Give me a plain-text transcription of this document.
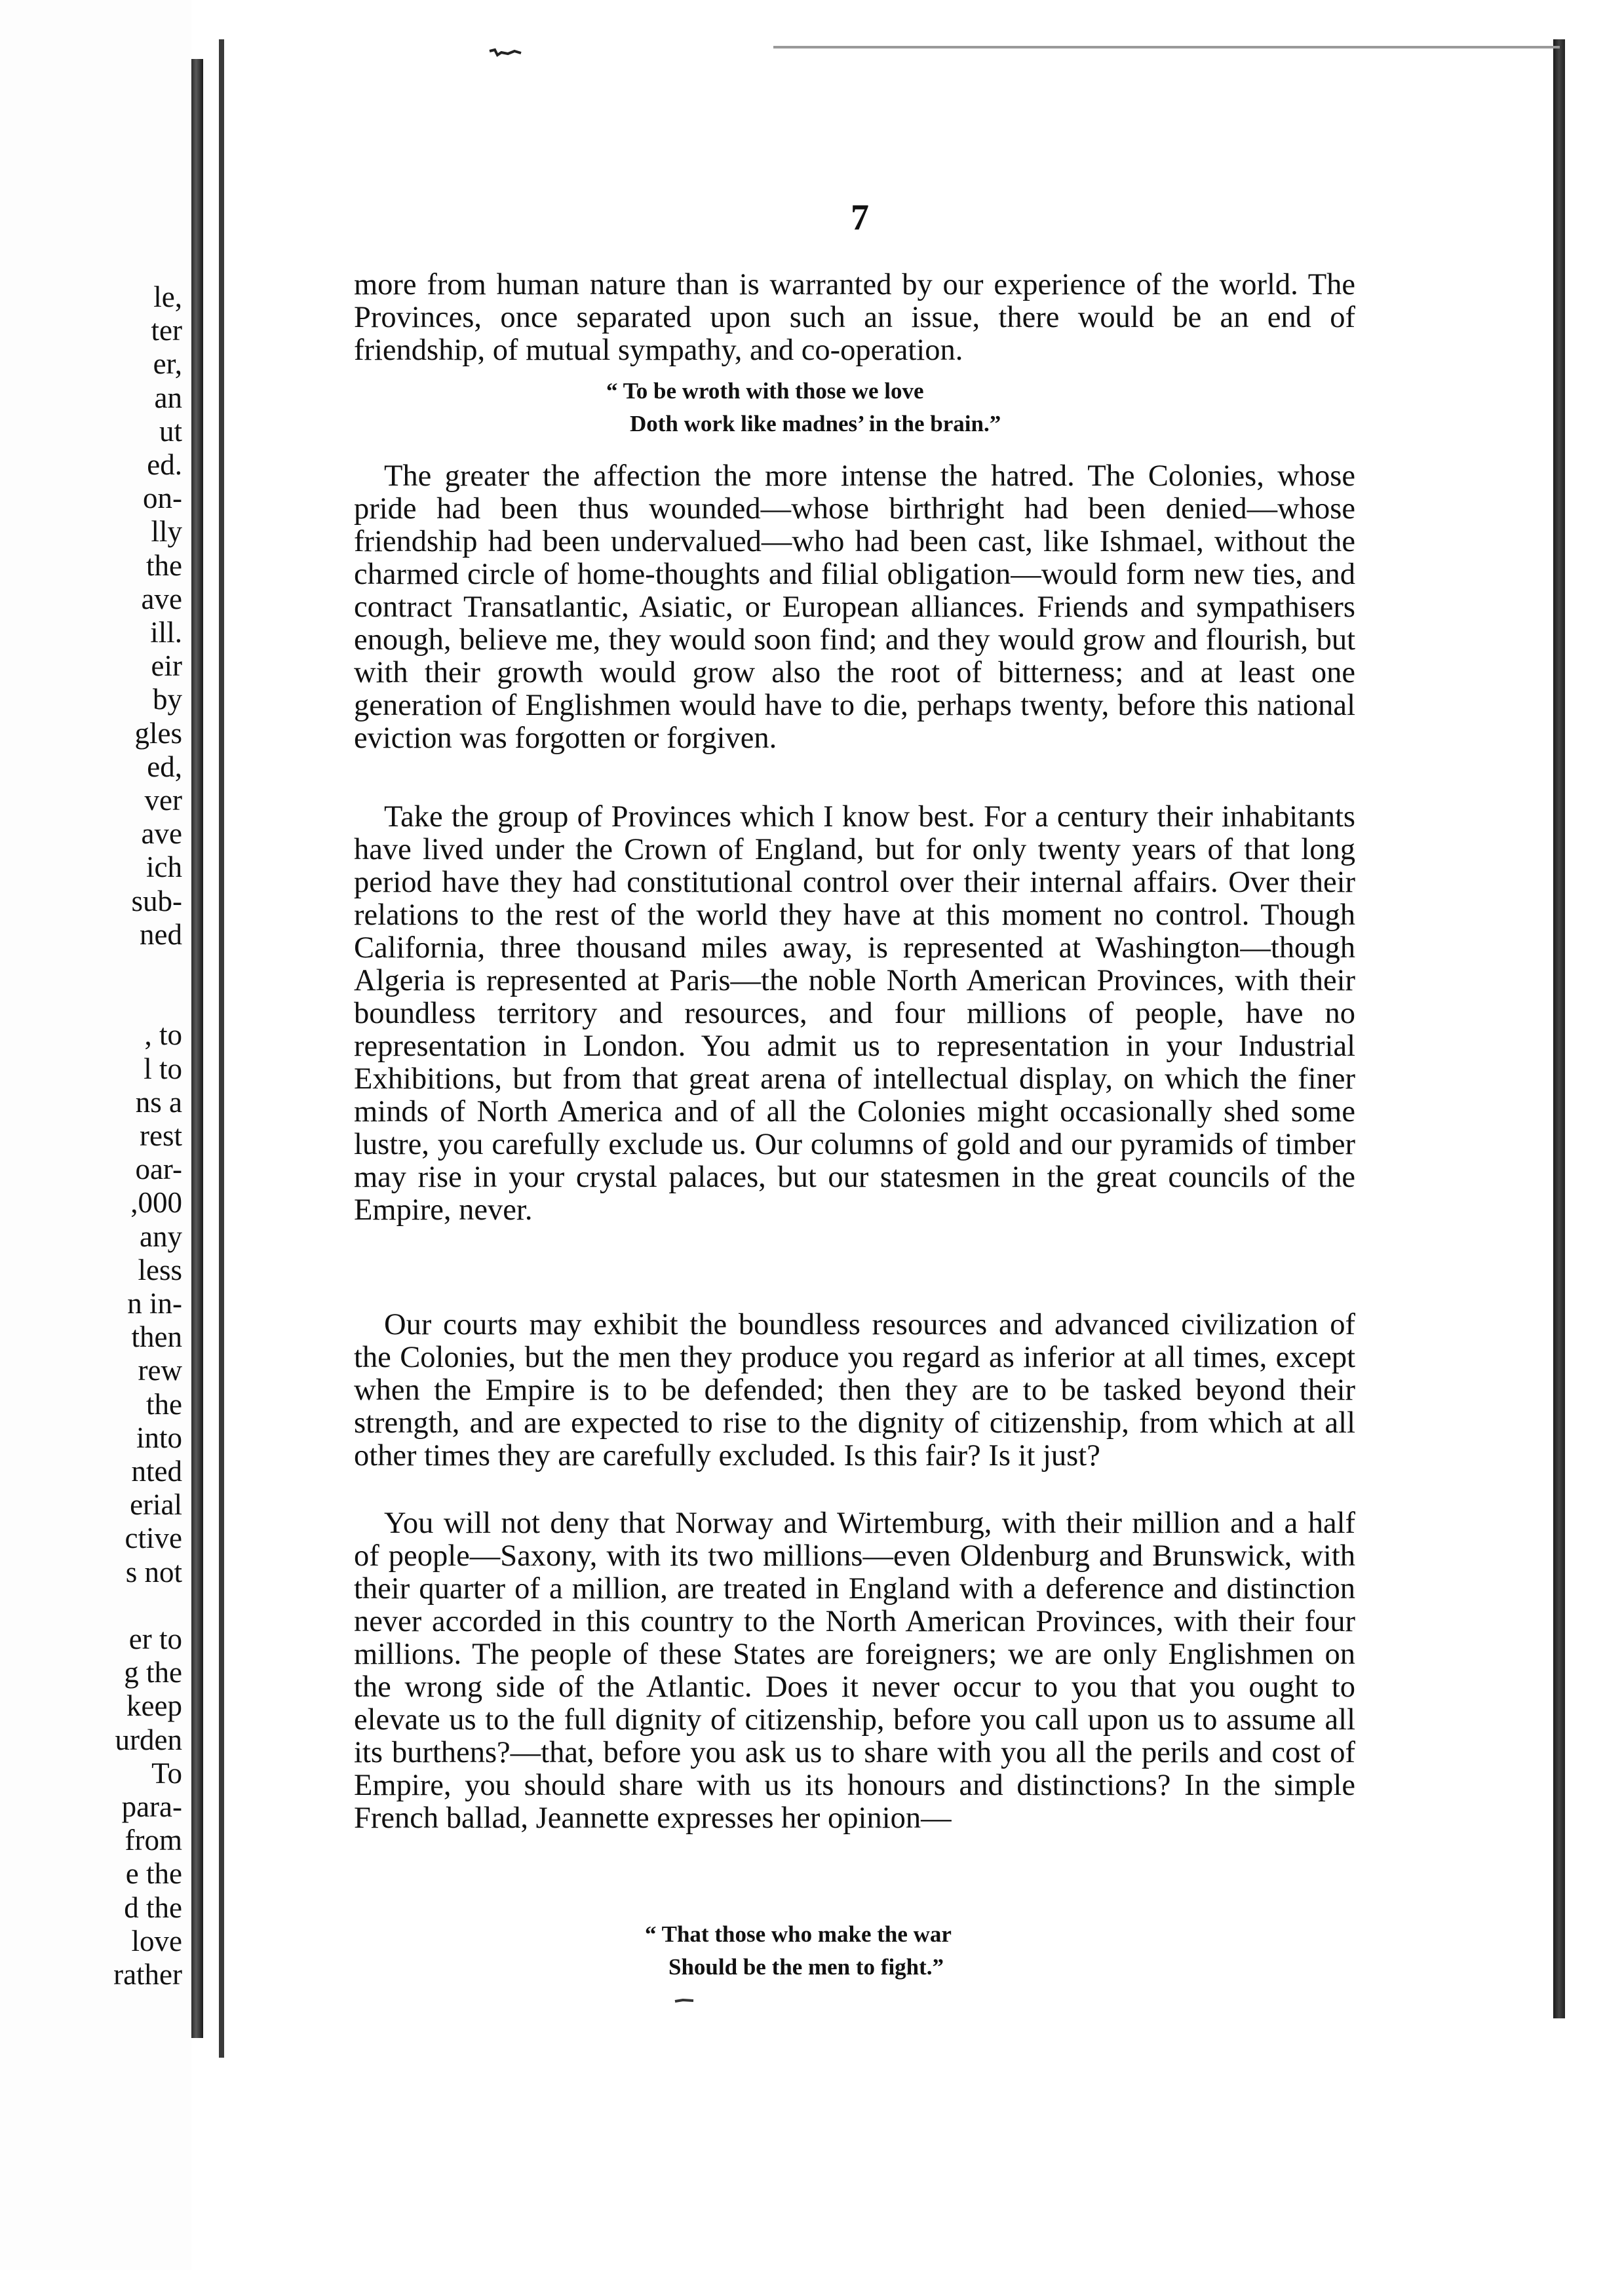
le,
ter
er,
an
ut
ed.
on-
lly
the
ave
ill.
eir
by
gles
ed,
ver
ave
ich
sub-
ned
, to
l to
ns a
rest
oar-
,000
any
less
n in-
then
rew
the
into
nted
erial
ctive
s not
er to
g the
keep
urden
To
para-
from
e the
d the
love
rather
7

more from human nature than is warranted by our experience of the world. The Provinces, once separated upon such an issue, there would be an end of friendship, of mutual sympathy, and co-operation.

“ To be wroth with those we love
Doth work like madnes’ in the brain.”

The greater the affection the more intense the hatred. The Colonies, whose pride had been thus wounded—whose birthright had been denied—whose friendship had been undervalued—who had been cast, like Ishmael, without the charmed circle of home-thoughts and filial obligation—would form new ties, and contract Transatlantic, Asiatic, or European alliances. Friends and sympathisers enough, believe me, they would soon find; and they would grow and flourish, but with their growth would grow also the root of bitterness; and at least one generation of Englishmen would have to die, perhaps twenty, before this national eviction was forgotten or forgiven.

Take the group of Provinces which I know best. For a century their inhabitants have lived under the Crown of England, but for only twenty years of that long period have they had constitutional control over their internal affairs. Over their relations to the rest of the world they have at this moment no control. Though California, three thousand miles away, is represented at Washington—though Algeria is represented at Paris—the noble North American Provinces, with their boundless territory and resources, and four millions of people, have no representation in London. You admit us to representation in your Industrial Exhibitions, but from that great arena of intellectual display, on which the finer minds of North America and of all the Colonies might occasionally shed some lustre, you carefully exclude us. Our columns of gold and our pyramids of timber may rise in your crystal palaces, but our statesmen in the great councils of the Empire, never.

Our courts may exhibit the boundless resources and advanced civilization of the Colonies, but the men they produce you regard as inferior at all times, except when the Empire is to be defended; then they are to be tasked beyond their strength, and are expected to rise to the dignity of citizenship, from which at all other times they are carefully excluded. Is this fair? Is it just?

You will not deny that Norway and Wirtemburg, with their million and a half of people—Saxony, with its two millions—even Oldenburg and Brunswick, with their quarter of a million, are treated in England with a deference and distinction never accorded in this country to the North American Provinces, with their four millions. The people of these States are foreigners; we are only Englishmen on the wrong side of the Atlantic. Does it never occur to you that you ought to elevate us to the full dignity of citizenship, before you call upon us to assume all its burthens?—that, before you ask us to share with you all the perils and cost of Empire, you should share with us its honours and distinctions? In the simple French ballad, Jeannette expresses her opinion—

“ That those who make the war
Should be the men to fight.”
